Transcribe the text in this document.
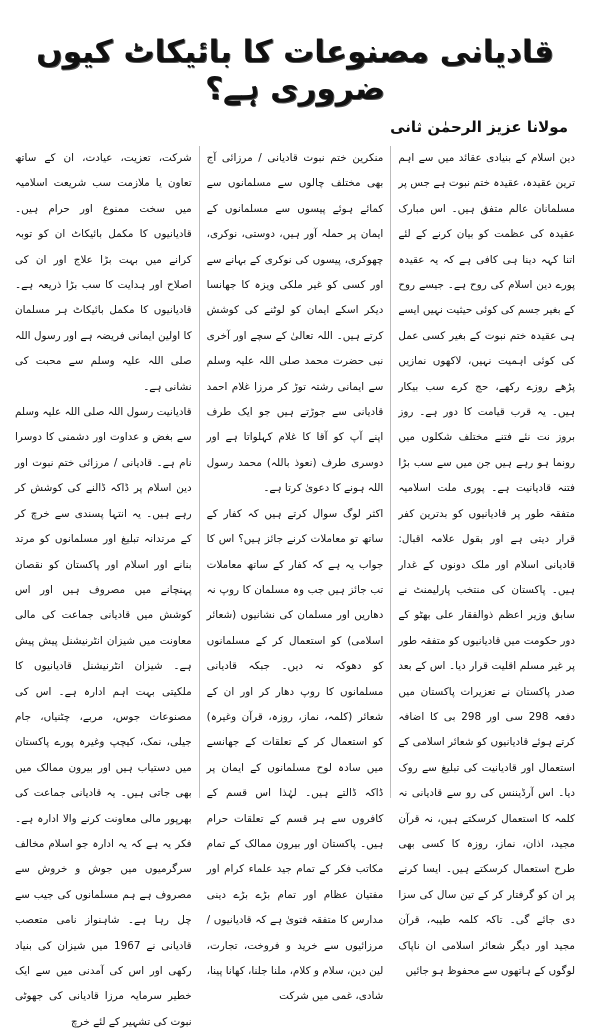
قادیانی مصنوعات کا بائیکاٹ کیوں ضروری ہے؟
مولانا عزیز الرحمٰن ثانی

دین اسلام کے بنیادی عقائد میں سے اہم ترین عقیدہ، عقیدہ ختم نبوت ہے جس پر مسلمانان عالم متفق ہیں۔ اس مبارک عقیدہ کی عظمت کو بیان کرنے کے لئے اتنا کہہ دینا ہی کافی ہے کہ یہ عقیدہ پورے دین اسلام کی روح ہے۔ جیسے روح کے بغیر جسم کی کوئی حیثیت نہیں ایسے ہی عقیدہ ختم نبوت کے بغیر کسی عمل کی کوئی اہمیت نہیں، لاکھوں نمازیں پڑھے روزے رکھے، حج کرے سب بیکار ہیں۔ یہ قرب قیامت کا دور ہے۔ روز بروز نت نئے فتنے مختلف شکلوں میں رونما ہو رہے ہیں جن میں سے سب بڑا فتنہ قادیانیت ہے۔ پوری ملت اسلامیہ متفقہ طور پر قادیانیوں کو بدترین کفر قرار دیتی ہے اور بقول علامہ اقبال: قادیانی اسلام اور ملک دونوں کے غدار ہیں۔ پاکستان کی منتخب پارلیمنٹ نے سابق وزیر اعظم ذوالفقار علی بھٹو کے دور حکومت میں قادیانیوں کو متفقہ طور پر غیر مسلم اقلیت قرار دیا۔ اس کے بعد صدر پاکستان نے تعزیرات پاکستان میں دفعہ 298 سی اور 298 بی کا اضافہ کرتے ہوئے قادیانیوں کو شعائر اسلامی کے استعمال اور قادیانیت کی تبلیغ سے روک دیا۔ اس آرڈیننس کی رو سے قادیانی نہ کلمہ کا استعمال کرسکتے ہیں، نہ قرآن مجید، اذان، نماز، روزہ کا کسی بھی طرح استعمال کرسکتے ہیں۔ ایسا کرنے پر ان کو گرفتار کر کے تین سال کی سزا دی جائے گی۔ تاکہ کلمہ طیبہ، قرآن مجید اور دیگر شعائر اسلامی ان ناپاک لوگوں کے ہاتھوں سے محفوظ ہو جائیں

منکرین ختم نبوت قادیانی / مرزائی آج بھی مختلف چالوں سے مسلمانوں سے کمائے ہوئے پیسوں سے مسلمانوں کے ایمان پر حملہ آور ہیں، دوستی، نوکری، چھوکری، پیسوں کی نوکری کے بہانے سے اور کسی کو غیر ملکی ویزہ کا جھانسا دیکر اسکے ایمان کو لوٹنے کی کوشش کرتے ہیں۔ اللہ تعالیٰ کے سچے اور آخری نبی حضرت محمد صلی اللہ علیہ وسلم سے ایمانی رشتہ توڑ کر مرزا غلام احمد قادیانی سے جوڑتے ہیں جو ایک طرف اپنے آپ کو آقا کا غلام کہلواتا ہے اور دوسری طرف (نعوذ باللہ) محمد رسول اللہ ہونے کا دعویٰ کرتا ہے۔

اکثر لوگ سوال کرتے ہیں کہ کفار کے ساتھ تو معاملات کرنے جائز ہیں؟ اس کا جواب یہ ہے کہ کفار کے ساتھ معاملات تب جائز ہیں جب وہ مسلمان کا روپ نہ دھاریں اور مسلمان کی نشانیوں (شعائر اسلامی) کو استعمال کر کے مسلمانوں کو دھوکہ نہ دیں۔ جبکہ قادیانی مسلمانوں کا روپ دھار کر اور ان کے شعائر (کلمہ، نماز، روزہ، قرآن وغیرہ) کو استعمال کر کے تعلقات کے جھانسے میں سادہ لوح مسلمانوں کے ایمان پر ڈاکہ ڈالتے ہیں۔ لہٰذا اس قسم کے کافروں سے ہر قسم کے تعلقات حرام ہیں۔ پاکستان اور بیرون ممالک کے تمام مکاتب فکر کے تمام جید علماء کرام اور مفتیان عظام اور تمام بڑے بڑے دینی مدارس کا متفقہ فتویٰ ہے کہ قادیانیوں / مرزائیوں سے خرید و فروخت، تجارت، لین دین، سلام و کلام، ملنا جلنا، کھانا پینا، شادی، غمی میں شرکت

شرکت، تعزیت، عیادت، ان کے ساتھ تعاون یا ملازمت سب شریعت اسلامیہ میں سخت ممنوع اور حرام ہیں۔ قادیانیوں کا مکمل بائیکاٹ ان کو توبہ کرانے میں بہت بڑا علاج اور ان کی اصلاح اور ہدایت کا سب بڑا ذریعہ ہے۔ قادیانیوں کا مکمل بائیکاٹ ہر مسلمان کا اولین ایمانی فریضہ ہے اور رسول اللہ صلی اللہ علیہ وسلم سے محبت کی نشانی ہے۔

قادیانیت رسول اللہ صلی اللہ علیہ وسلم سے بغض و عداوت اور دشمنی کا دوسرا نام ہے۔ قادیانی / مرزائی ختم نبوت اور دین اسلام پر ڈاکہ ڈالنے کی کوشش کر رہے ہیں۔ یہ انتہا پسندی سے خرچ کر کے مرتدانہ تبلیغ اور مسلمانوں کو مرتد بنانے اور اسلام اور پاکستان کو نقصان پہنچانے میں مصروف ہیں اور اس کوشش میں قادیانی جماعت کی مالی معاونت میں شیزان انٹرنیشنل پیش پیش ہے۔ شیزان انٹرنیشنل قادیانیوں کا ملکیتی بہت اہم ادارہ ہے۔ اس کی مصنوعات جوس، مربے، چٹنیاں، جام جیلی، نمک، کیچپ وغیرہ پورے پاکستان میں دستیاب ہیں اور بیرون ممالک میں بھی جاتی ہیں۔ یہ قادیانی جماعت کی بھرپور مالی معاونت کرنے والا ادارہ ہے۔ فکر یہ ہے کہ یہ ادارہ جو اسلام مخالف سرگرمیوں میں جوش و خروش سے مصروف ہے ہم مسلمانوں کی جیب سے چل رہا ہے۔ شاہنواز نامی متعصب قادیانی نے 1967 میں شیزان کی بنیاد رکھی اور اس کی آمدنی میں سے ایک خطیر سرمایہ مرزا قادیانی کی جھوٹی نبوت کی تشہیر کے لئے خرچ
